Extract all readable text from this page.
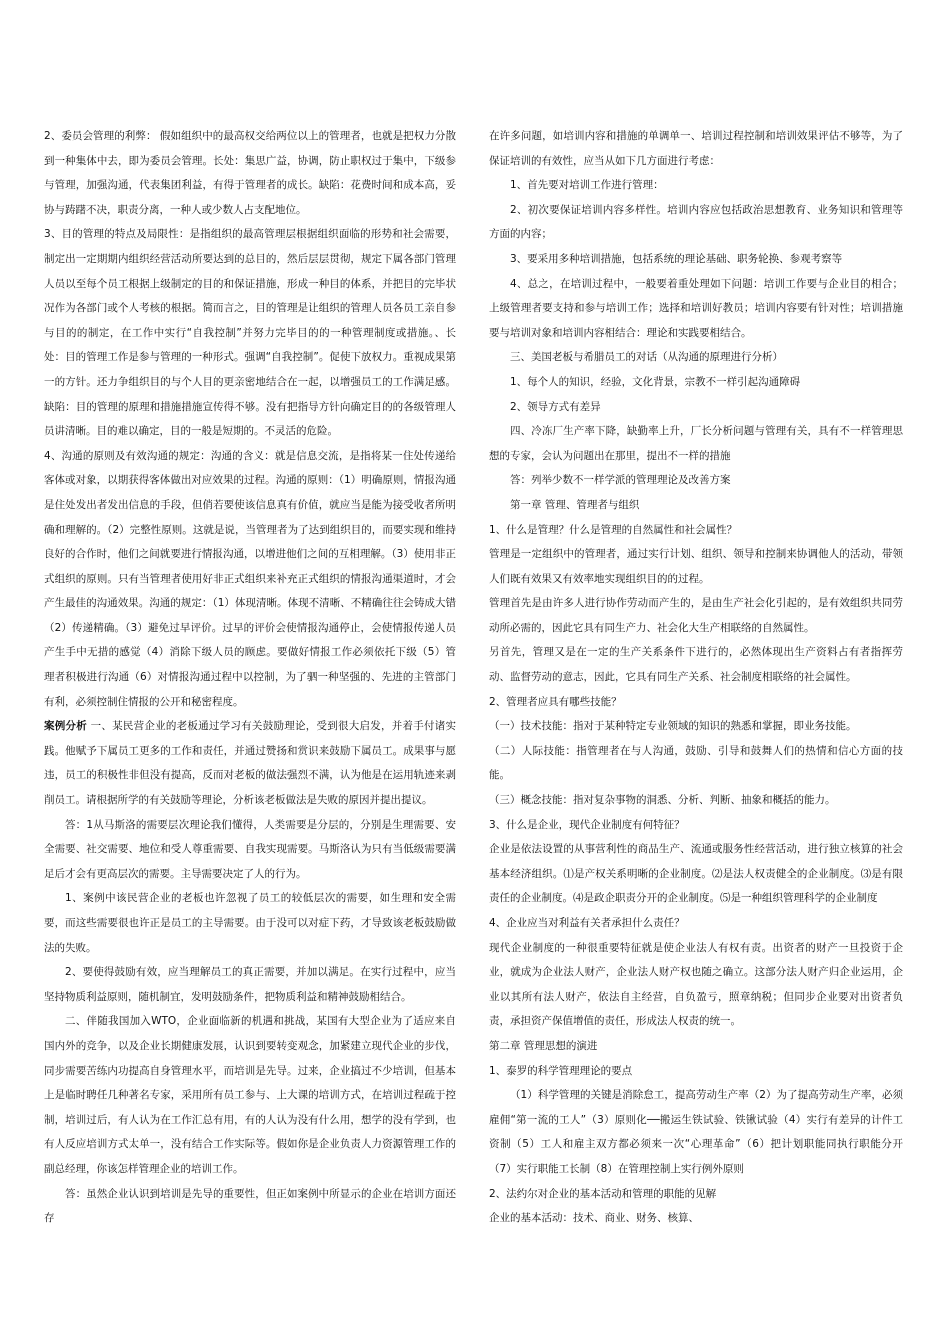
2、委员会管理的利弊： 假如组织中的最高权交给两位以上的管理者，也就是把权力分散到一种集体中去，即为委员会管理。长处：集思广益，协调，防止职权过于集中，下级参与管理，加强沟通，代表集团利益，有得于管理者的成长。缺陷：花费时间和成本高，妥协与踌躇不决，职责分离，一种人或少数人占支配地位。

3、目的管理的特点及局限性：是指组织的最高管理层根据组织面临的形势和社会需要，制定出一定期期内组织经营活动所要达到的总目的，然后层层贯彻，规定下属各部门管理人员以至每个员工根据上级制定的目的和保证措施，形成一种目的体系，并把目的完毕状况作为各部门或个人考核的根据。简而言之，目的管理是让组织的管理人员各员工亲自参与目的的制定，在工作中实行“自我控制”并努力完毕目的的一种管理制度或措施。、长处：目的管理工作是参与管理的一种形式。强调“自我控制”。促使下放权力。重视成果第一的方针。还力争组织目的与个人目的更亲密地结合在一起，以增强员工的工作满足感。缺陷：目的管理的原理和措施措施宣传得不够。没有把指导方针向确定目的的各级管理人员讲清晰。目的难以确定，目的一般是短期的。不灵活的危险。

4、沟通的原则及有效沟通的规定：沟通的含义：就是信息交流，是指将某一住处传递给客体或对象，以期获得客体做出对应效果的过程。沟通的原则：（1）明确原则，情报沟通是住处发出者发出信息的手段，但俏若要使该信息真有价值，就应当是能为接受收者所明确和理解的。（2）完整性原则。这就是说，当管理者为了达到组织目的，而要实现和维持良好的合作时，他们之间就要进行情报沟通，以增进他们之间的互相理解。（3）使用非正式组织的原则。只有当管理者使用好非正式组织来补充正式组织的情报沟通渠道时，才会产生最佳的沟通效果。沟通的规定：（1）体现清晰。体现不清晰、不精确往往会铸成大错（2）传递精确。（3）避免过早评价。过早的评价会使情报沟通停止，会使情报传递人员产生手中无措的感觉（4）消除下级人员的顾虑。要做好情报工作必须依托下级（5）管理者积极进行沟通（6）对情报沟通过程中以控制，为了驷一种坚强的、先进的主管部门有利，必须控制住情报的公开和秘密程度。

案例分析 一、某民营企业的老板通过学习有关鼓励理论，受到很大启发，并着手付诸实践。他赋予下属员工更多的工作和责任，并通过赞扬和赏识来鼓励下属员工。成果事与愿违，员工的积极性非但没有提高，反而对老板的做法强烈不满，认为他是在运用轨迹来剥削员工。请根据所学的有关鼓励等理论，分析该老板做法是失败的原因并提出提议。

答：1从马斯洛的需要层次理论我们懂得，人类需要是分层的，分别是生理需要、安全需要、社交需要、地位和受人尊重需要、自我实现需要。马斯洛认为只有当低级需要满足后才会有更高层次的需要。主导需要决定了人的行为。

1、案例中该民营企业的老板也许忽视了员工的较低层次的需要，如生理和安全需要，而这些需要很也许正是员工的主导需要。由于没可以对症下药，才导致该老板鼓励做法的失败。

2、要使得鼓励有效，应当理解员工的真正需要，并加以满足。在实行过程中，应当坚持物质利益原则，随机制宜，发明鼓励条件，把物质利益和精神鼓励相结合。

二、伴随我国加入WTO，企业面临新的机遇和挑战，某国有大型企业为了适应来自国内外的竞争，以及企业长期健康发展，认识到要转变观念，加紧建立现代企业的步伐，同步需要苦练内功提高自身管理水平，而培训是先导。过来，企业搞过不少培训，但基本上是临时聘任几种著名专家，采用所有员工参与、上大课的培训方式，在培训过程疏于控制，培训过后，有人认为在工作汇总有用，有的人认为没有什么用，想学的没有学到，也有人反应培训方式太单一，没有结合工作实际等。假如你是企业负责人力资源管理工作的副总经理，你该怎样管理企业的培训工作。

答：虽然企业认识到培训是先导的重要性，但正如案例中所显示的企业在培训方面还存

在许多问题，如培训内容和措施的单调单一、培训过程控制和培训效果评估不够等，为了保证培训的有效性，应当从如下几方面进行考虑：

1、首先要对培训工作进行管理：

2、初次要保证培训内容多样性。培训内容应包括政治思想教育、业务知识和管理等方面的内容；

3、要采用多种培训措施，包括系统的理论基础、职务轮换、参观考察等

4、总之，在培训过程中，一般要着重处理如下问题：培训工作要与企业目的相合；上级管理者要支持和参与培训工作；选择和培训好教员；培训内容要有针对性；培训措施要与培训对象和培训内容相结合：理论和实践要相结合。

三、美国老板与希腊员工的对话（从沟通的原理进行分析）

1、每个人的知识，经验，文化背景，宗教不一样引起沟通障碍

2、领导方式有差异

四、冷冻厂生产率下降，缺勤率上升，厂长分析问题与管理有关，具有不一样管理思想的专家，会认为问题出在那里，提出不一样的措施

答：列举少数不一样学派的管理理论及改善方案

第一章 管理、管理者与组织

1、什么是管理？什么是管理的自然属性和社会属性？

管理是一定组织中的管理者，通过实行计划、组织、领导和控制来协调他人的活动，带领人们既有效果又有效率地实现组织目的的过程。

管理首先是由许多人进行协作劳动而产生的，是由生产社会化引起的，是有效组织共同劳动所必需的，因此它具有同生产力、社会化大生产相联络的自然属性。

另首先，管理又是在一定的生产关系条件下进行的，必然体现出生产资料占有者指挥劳动、监督劳动的意志，因此，它具有同生产关系、社会制度相联络的社会属性。

2、管理者应具有哪些技能？

（一）技术技能：指对于某种特定专业领域的知识的熟悉和掌握，即业务技能。

（二）人际技能：指管理者在与人沟通，鼓励、引导和鼓舞人们的热情和信心方面的技能。

（三）概念技能：指对复杂事物的洞悉、分析、判断、抽象和概括的能力。

3、什么是企业，现代企业制度有何特征？

企业是依法设置的从事营利性的商品生产、流通或服务性经营活动，进行独立核算的社会基本经济组织。⑴是产权关系明晰的企业制度。⑵是法人权责健全的企业制度。⑶是有限责任的企业制度。⑷是政企职责分开的企业制度。⑸是一种组织管理科学的企业制度

4、企业应当对利益有关者承担什么责任？

现代企业制度的一种很重要特征就是使企业法人有权有责。出资者的财产一旦投资于企业，就成为企业法人财产，企业法人财产权也随之确立。这部分法人财产归企业运用，企业以其所有法人财产，依法自主经营，自负盈亏，照章纳税；但同步企业要对出资者负责，承担资产保值增值的责任，形成法人权责的统一。

第二章 管理思想的演进

1、泰罗的科学管理理论的要点

（1）科学管理的关键是消除怠工，提高劳动生产率（2）为了提高劳动生产率，必须雇佣“第一流的工人”（3）原则化──搬运生铁试验、铁锹试验（4）实行有差异的计件工资制（5）工人和雇主双方都必须来一次“心理革命”（6）把计划职能同执行职能分开（7）实行职能工长制（8）在管理控制上实行例外原则

2、法约尔对企业的基本活动和管理的职能的见解

企业的基本活动：技术、商业、财务、核算、
